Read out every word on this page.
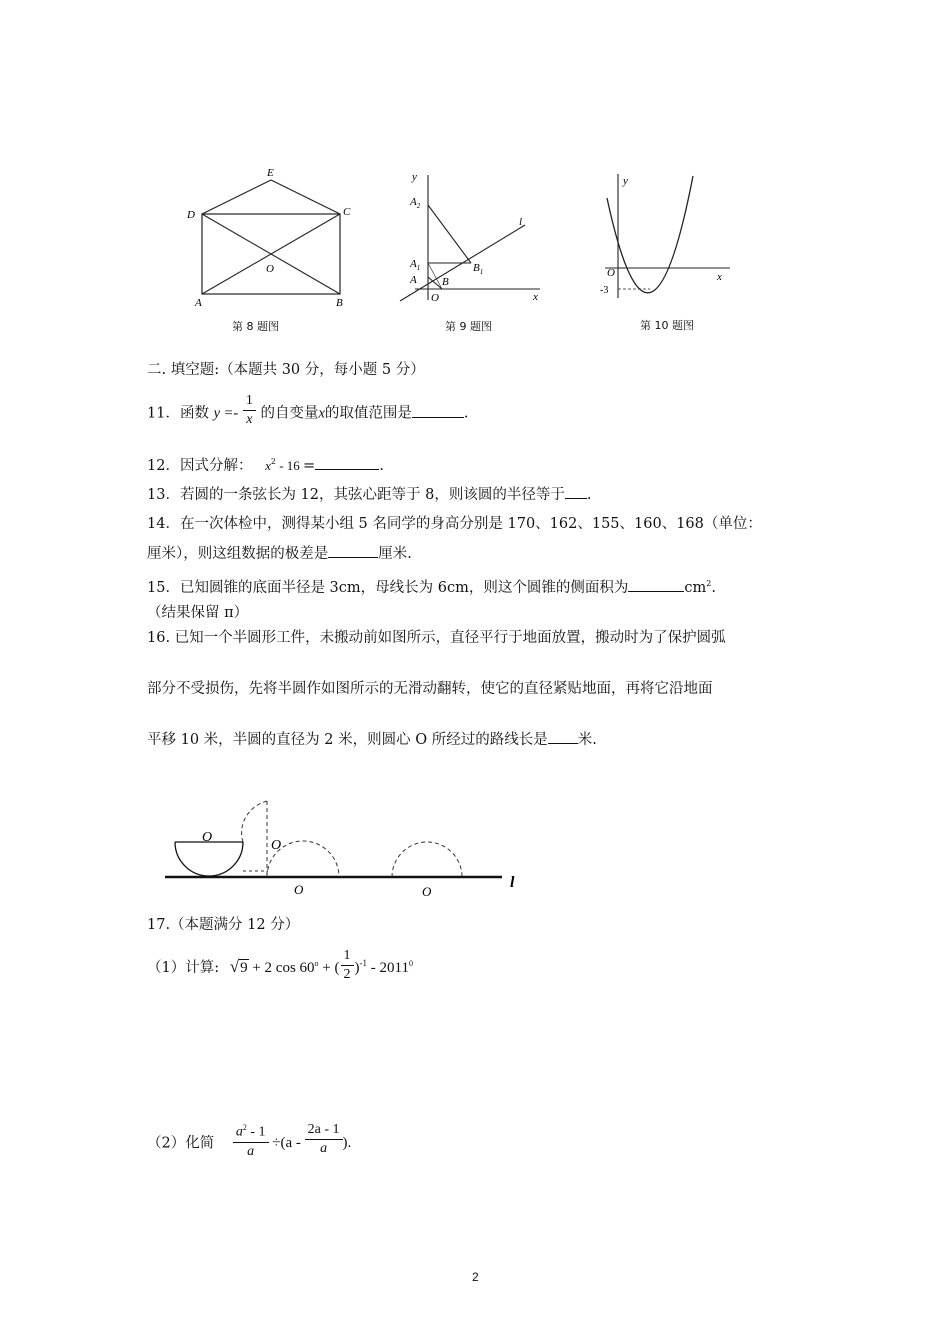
E
D	C
O
A	B
第 8 题图
y
$A_2$
$A_1$
A B
O
$B_1$
l
x
第 9 题图
y
O	x
-3
第 10 题图
二. 填空题:（本题共 30 分，每小题 5 分）
11．函数 $y =- \frac{1}{x}$ 的自变量x的取值范围是	.
12．因式分解： $x^2 - 16$ =	.
13．若圆的一条弦长为 12，其弦心距等于 8，则该圆的半径等于 .
14．在一次体检中，测得某小组 5 名同学的身高分别是 170、162、155、160、168（单位：
厘米），则这组数据的极差是	厘米.
15．已知圆锥的底面半径是 3cm，母线长为 6cm，则这个圆锥的侧面积为	$cm^2$.
（结果保留 π）
16. 已知一个半圆形工件，未搬动前如图所示，直径平行于地面放置，搬动时为了保护圆弧
部分不受损伤，先将半圆作如图所示的无滑动翻转，使它的直径紧贴地面，再将它沿地面
平移 10 米，半圆的直径为 2 米，则圆心 O 所经过的路线长是 米.
O
O
O	O
l
17.（本题满分 12 分）
（1）计算: √9 + 2 $\cos 60^o$ + ( $\frac{1}{2} )^{-1} - 2011^0$
（2）化简 $\frac{a^2 - 1}{a} \div(a - \frac{2a - 1}{a}$ ).
2
